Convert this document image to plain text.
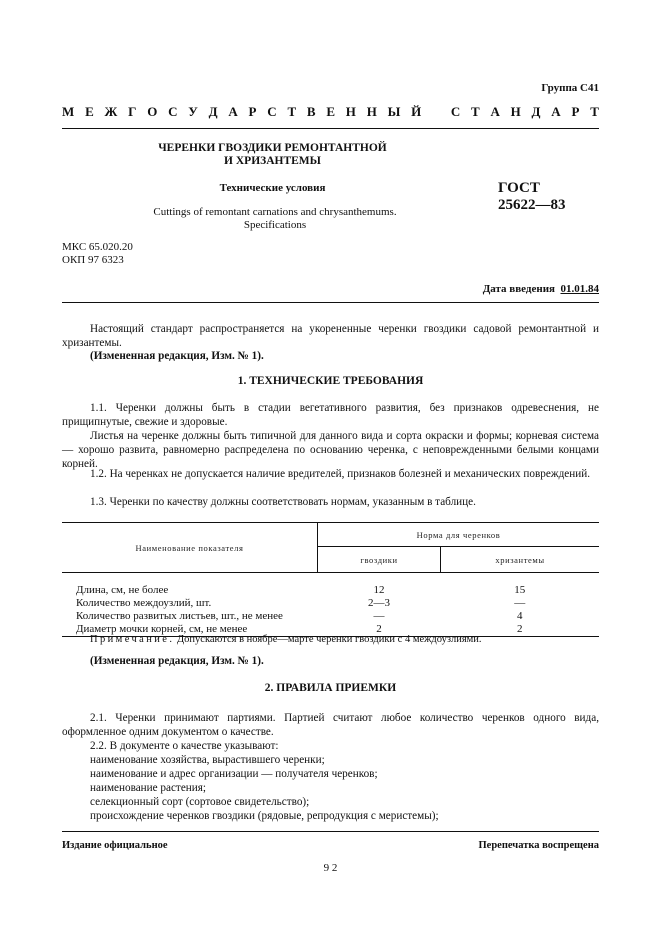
Группа С41
М Е Ж Г О С У Д А Р С Т В Е Н Н Ы Й С Т А Н Д А Р Т
ЧЕРЕНКИ ГВОЗДИКИ РЕМОНТАНТНОЙ
И ХРИЗАНТЕМЫ
Технические условия
Cuttings of remontant carnations and chrysanthemums.
Specifications
ГОСТ
25622—83
МКС 65.020.20
ОКП 97 6323
Дата введения 01.01.84
Настоящий стандарт распространяется на укорененные черенки гвоздики садовой ремонтантной и хризантемы.
(Измененная редакция, Изм. № 1).
1. ТЕХНИЧЕСКИЕ ТРЕБОВАНИЯ
1.1. Черенки должны быть в стадии вегетативного развития, без признаков одревеснения, не прищипнутые, свежие и здоровые.
Листья на черенке должны быть типичной для данного вида и сорта окраски и формы; корневая система — хорошо развита, равномерно распределена по основанию черенка, с неповрежденными белыми концами корней.
1.2. На черенках не допускается наличие вредителей, признаков болезней и механических повреждений.
1.3. Черенки по качеству должны соответствовать нормам, указанным в таблице.
Наименование показателя	Норма для черенков	
	гвоздики	хризантемы
Длина, см, не более	12	15
Количество междоузлий, шт.	2—3	—
Количество развитых листьев, шт., не менее	—	4
Диаметр мочки корней, см, не менее	2	2
Примечание. Допускаются в ноябре—марте черенки гвоздики с 4 междоузлиями.
(Измененная редакция, Изм. № 1).
2. ПРАВИЛА ПРИЕМКИ
2.1. Черенки принимают партиями. Партией считают любое количество черенков одного вида, оформленное одним документом о качестве.
2.2. В документе о качестве указывают:
наименование хозяйства, вырастившего черенки;
наименование и адрес организации — получателя черенков;
наименование растения;
селекционный сорт (сортовое свидетельство);
происхождение черенков гвоздики (рядовые, репродукция с меристемы);
Издание официальное	Перепечатка воспрещена
9 2
